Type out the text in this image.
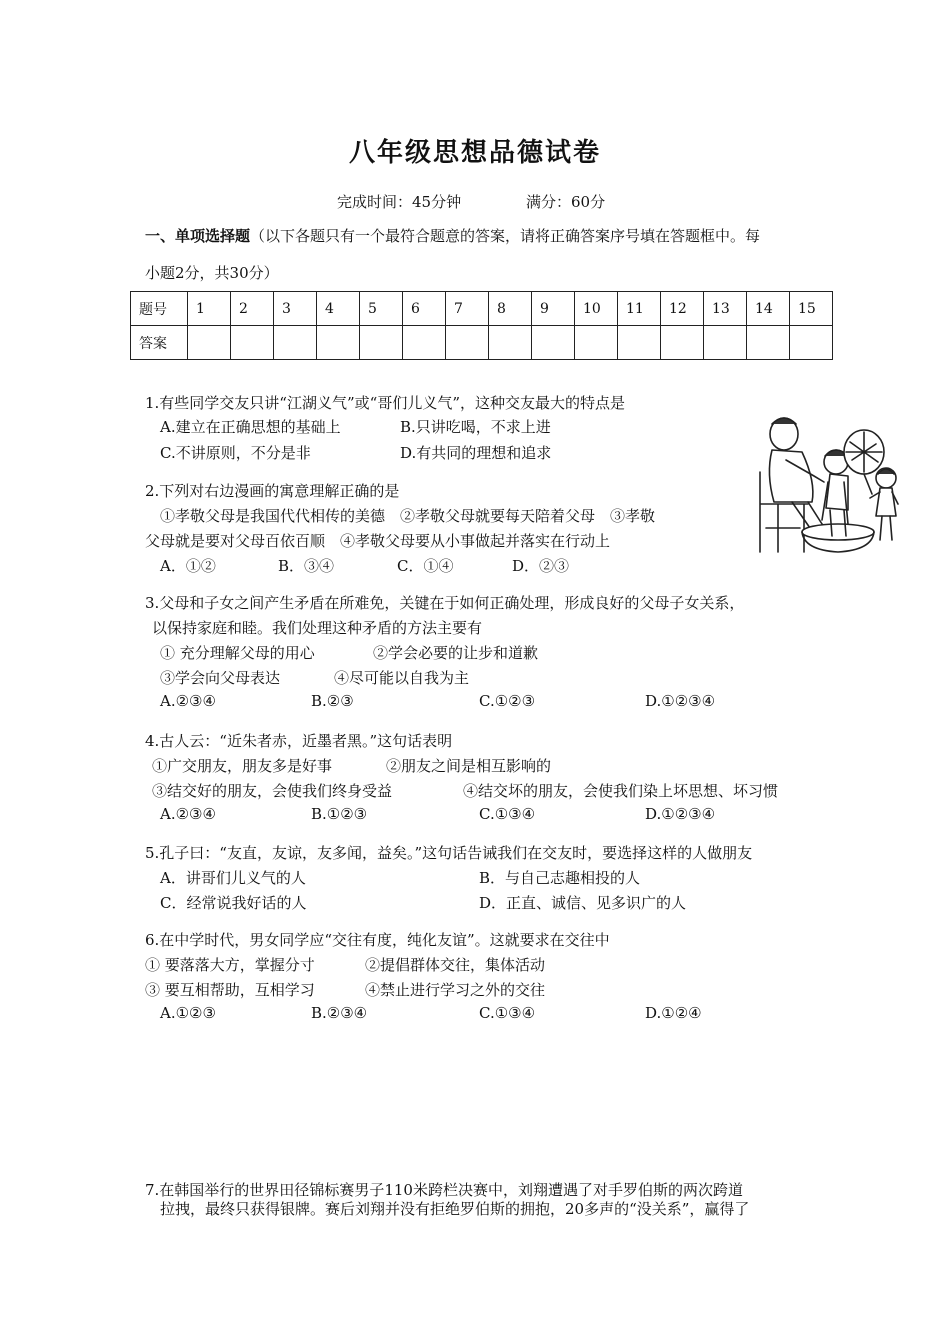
八年级思想品德试卷
完成时间：45分钟	满分：60分
一、单项选择题（以下各题只有一个最符合题意的答案，请将正确答案序号填在答题框中。每
小题2分，共30分）
题号	1	2	3	4	5	6	7	8	9	10	11	12	13	14	15
答案															
1.有些同学交友只讲“江湖义气”或“哥们儿义气”，这种交友最大的特点是
A.建立在正确思想的基础上	B.只讲吃喝，不求上进
C.不讲原则，不分是非	D.有共同的理想和追求
2.下列对右边漫画的寓意理解正确的是
①孝敬父母是我国代代相传的美德　②孝敬父母就要每天陪着父母　③孝敬
父母就是要对父母百依百顺　④孝敬父母要从小事做起并落实在行动上
A．①②	B．③④	C．①④	D．②③
3.父母和子女之间产生矛盾在所难免，关键在于如何正确处理，形成良好的父母子女关系，
以保持家庭和睦。我们处理这种矛盾的方法主要有
① 充分理解父母的用心	②学会必要的让步和道歉
③学会向父母表达	④尽可能以自我为主
A.②③④	B.②③	C.①②③	D.①②③④
4.古人云：“近朱者赤，近墨者黑。”这句话表明
①广交朋友，朋友多是好事	②朋友之间是相互影响的
③结交好的朋友，会使我们终身受益	④结交坏的朋友，会使我们染上坏思想、坏习惯
A.②③④	B.①②③	C.①③④	D.①②③④
5.孔子曰：“友直，友谅，友多闻，益矣。”这句话告诫我们在交友时，要选择这样的人做朋友
A．讲哥们儿义气的人	B．与自己志趣相投的人
C．经常说我好话的人	D．正直、诚信、见多识广的人
6.在中学时代，男女同学应“交往有度，纯化友谊”。这就要求在交往中
① 要落落大方，掌握分寸	②提倡群体交往，集体活动
③ 要互相帮助，互相学习	④禁止进行学习之外的交往
A.①②③	B.②③④	C.①③④	D.①②④
7.在韩国举行的世界田径锦标赛男子110米跨栏决赛中，刘翔遭遇了对手罗伯斯的两次跨道
拉拽，最终只获得银牌。赛后刘翔并没有拒绝罗伯斯的拥抱，20多声的“没关系”，赢得了
